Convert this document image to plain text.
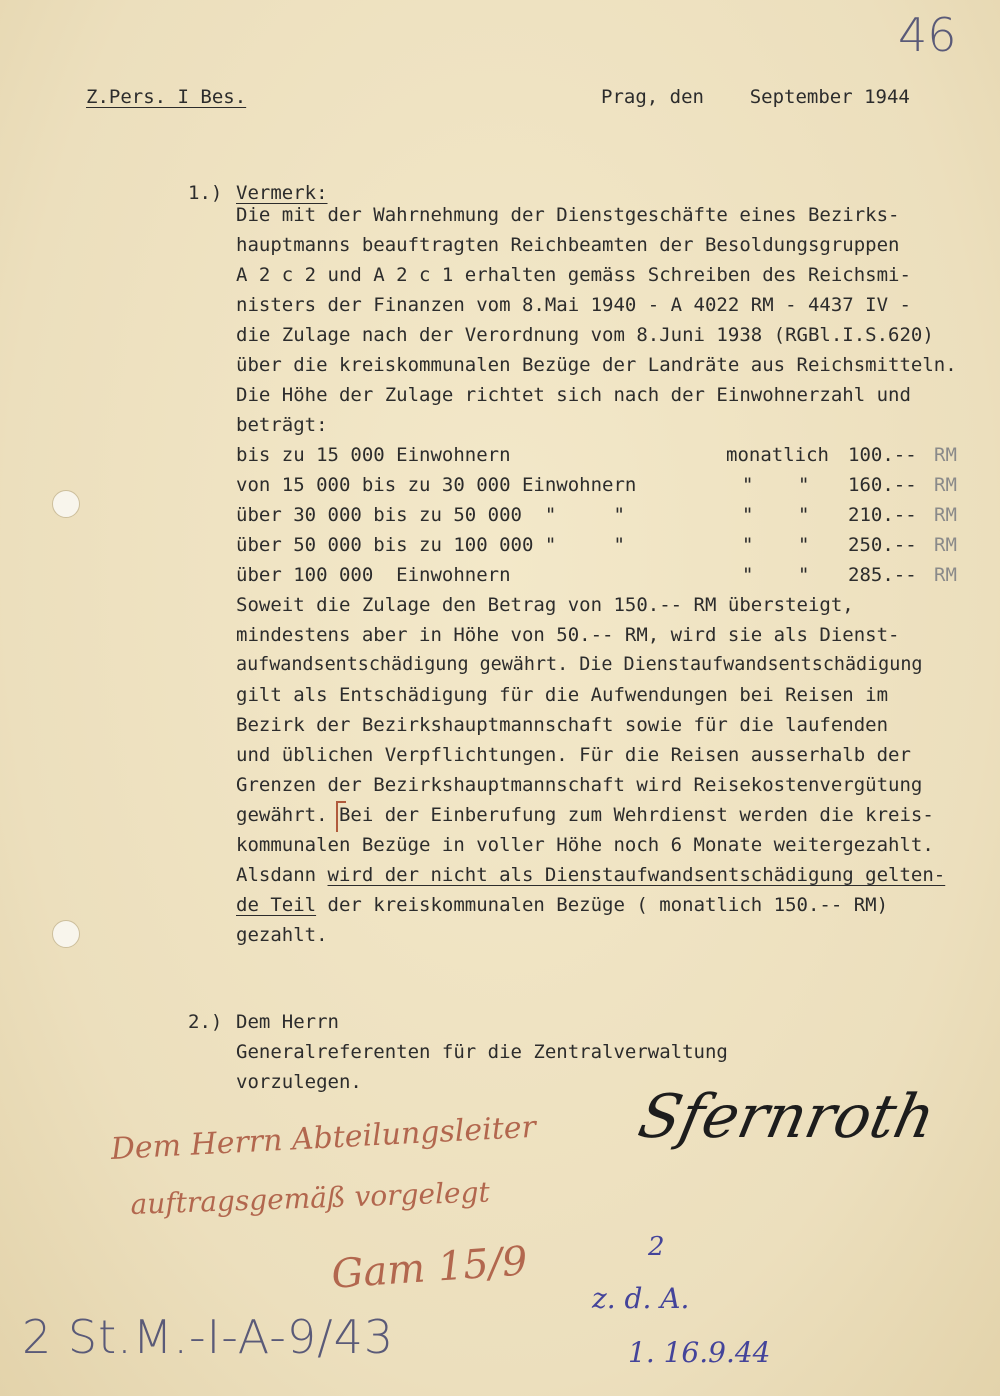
46
Z.Pers. I Bes.	Prag, den    September 1944
1.) Vermerk:
Die mit der Wahrnehmung der Dienstgeschäfte eines Bezirks-
hauptmanns beauftragten Reichbeamten der Besoldungsgruppen
A 2 c 2 und A 2 c 1 erhalten gemäss Schreiben des Reichsmi-
nisters der Finanzen vom 8.Mai 1940 - A 4022 RM - 4437 IV -
die Zulage nach der Verordnung vom 8.Juni 1938 (RGBl.I.S.620)
über die kreiskommunalen Bezüge der Landräte aus Reichsmitteln.
Die Höhe der Zulage richtet sich nach der Einwohnerzahl und
beträgt:
bis zu 15 000 Einwohnern	monatlich 100.-- RM
von 15 000 bis zu 30 000 Einwohnern	" " 160.-- RM
über 30 000 bis zu 50 000  "     "	" " 210.-- RM
über 50 000 bis zu 100 000 "     "	" " 250.-- RM
über 100 000  Einwohnern	" " 285.-- RM
Soweit die Zulage den Betrag von 150.-- RM übersteigt,
mindestens aber in Höhe von 50.-- RM, wird sie als Dienst-
aufwandsentschädigung gewährt. Die Dienstaufwandsentschädigung
gilt als Entschädigung für die Aufwendungen bei Reisen im
Bezirk der Bezirkshauptmannschaft sowie für die laufenden
und üblichen Verpflichtungen. Für die Reisen ausserhalb der
Grenzen der Bezirkshauptmannschaft wird Reisekostenvergütung
gewährt. Bei der Einberufung zum Wehrdienst werden die kreis-
kommunalen Bezüge in voller Höhe noch 6 Monate weitergezahlt.
Alsdann wird der nicht als Dienstaufwandsentschädigung gelten-
de Teil der kreiskommunalen Bezüge ( monatlich 150.-- RM)
gezahlt.
2.) Dem Herrn
Generalreferenten für die Zentralverwaltung
vorzulegen.	Sfernroth
Dem Herrn Abteilungsleiter
auftragsgemäß vorgelegt
Gam 15/9
2 St.M.-I-A-9/43
2
z. d. A.
1. 16.9.44
